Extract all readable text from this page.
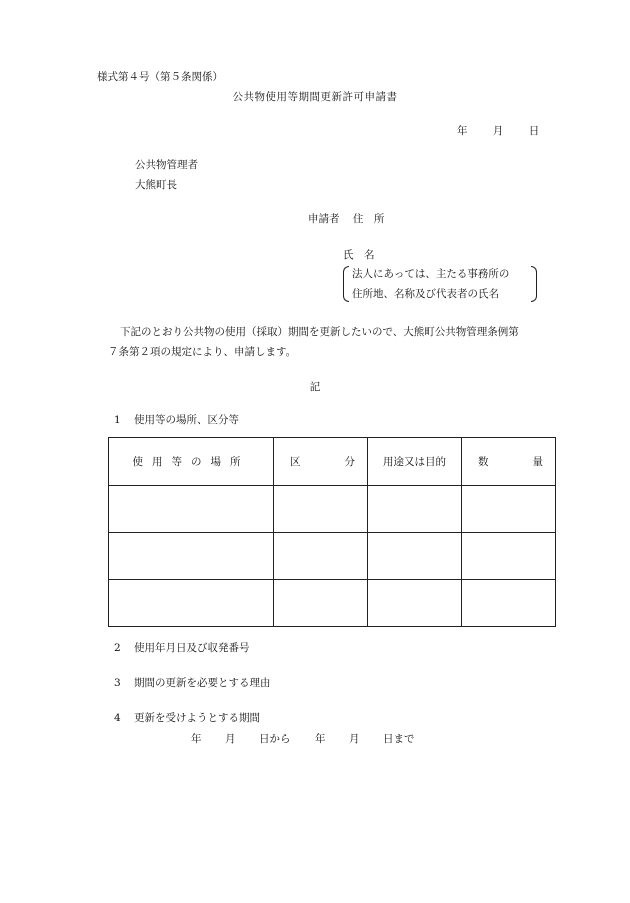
様式第４号（第５条関係）
公共物使用等期間更新許可申請書
年 月 日
公共物管理者
大熊町長
申請者 住　所
氏　名
法人にあっては、主たる事務所の
住所地、名称及び代表者の氏名
下記のとおり公共物の使用（採取）期間を更新したいので、大熊町公共物管理条例第
７条第２項の規定により、申請します。
記
1 使用等の場所、区分等
使用等の場所	区 分	用途又は目的	数 量

2 使用年月日及び収発番号
3 期間の更新を必要とする理由
4 更新を受けようとする期間
年 月 日から 年 月 日まで
